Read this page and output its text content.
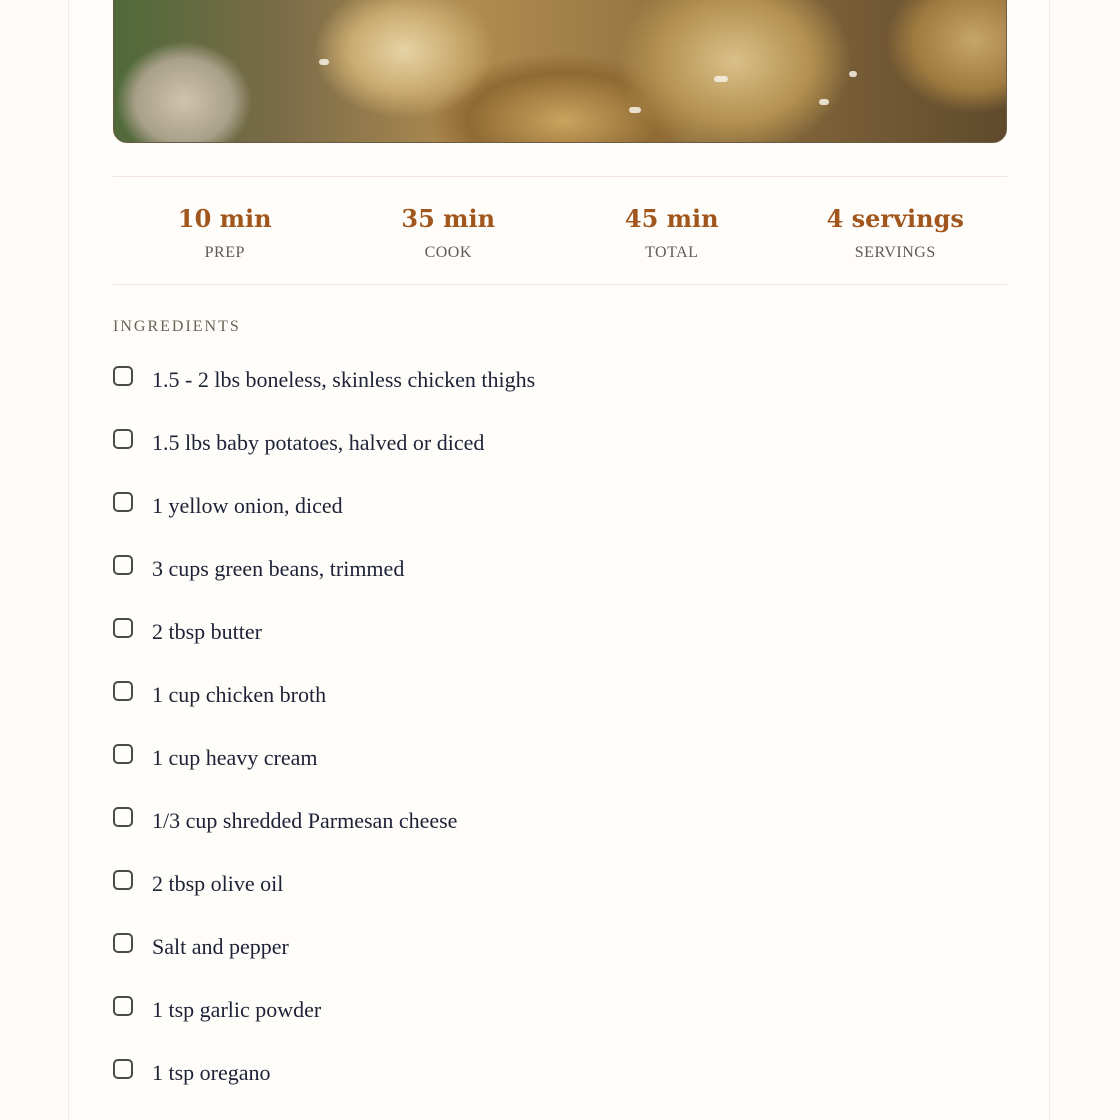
10 min
PREP
35 min
COOK
45 min
TOTAL
4 servings
SERVINGS
INGREDIENTS
1.5 - 2 lbs boneless, skinless chicken thighs
1.5 lbs baby potatoes, halved or diced
1 yellow onion, diced
3 cups green beans, trimmed
2 tbsp butter
1 cup chicken broth
1 cup heavy cream
1/3 cup shredded Parmesan cheese
2 tbsp olive oil
Salt and pepper
1 tsp garlic powder
1 tsp oregano
